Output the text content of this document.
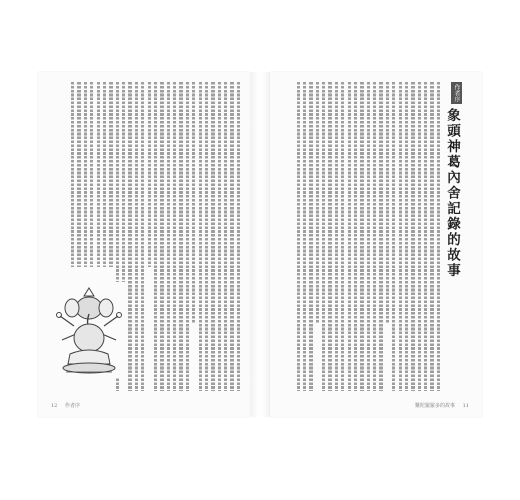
12 作者序
作者序
象頭神葛內舍記錄的故事
難陀羅羅多的故事 11
